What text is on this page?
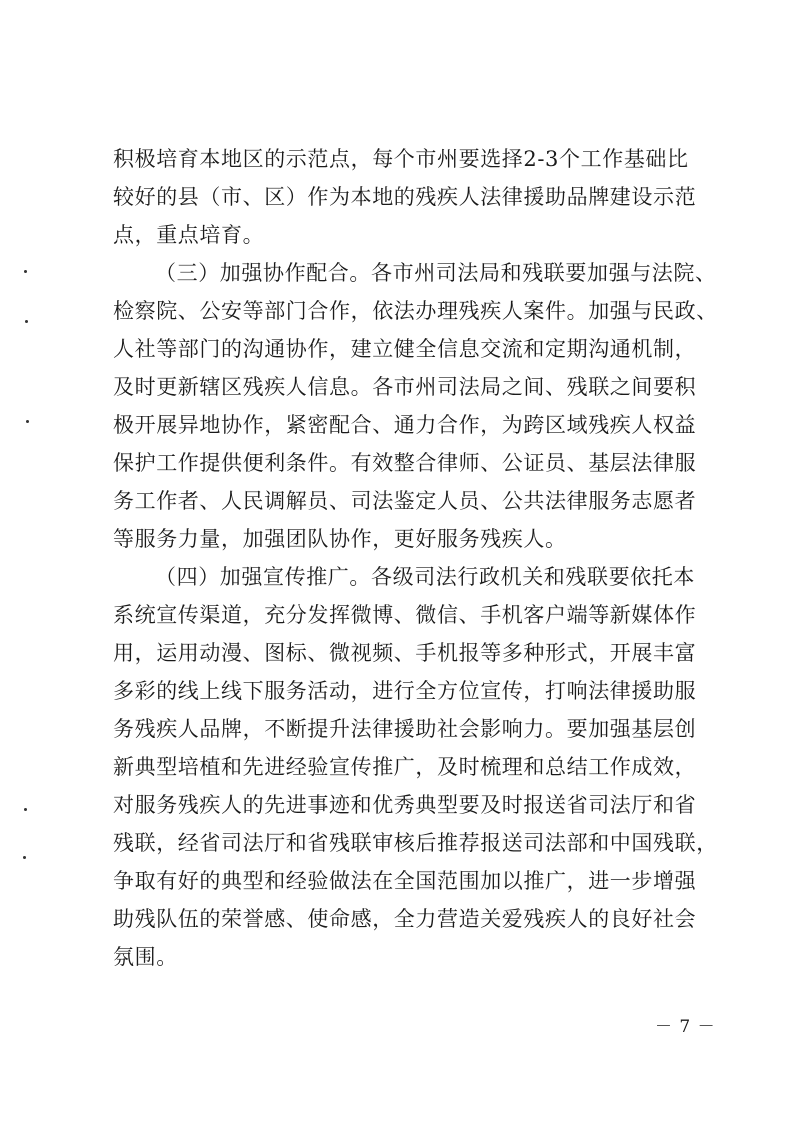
积极培育本地区的示范点，每个市州要选择2-3个工作基础比
较好的县（市、区）作为本地的残疾人法律援助品牌建设示范
点，重点培育。
（三）加强协作配合。各市州司法局和残联要加强与法院、
检察院、公安等部门合作，依法办理残疾人案件。加强与民政、
人社等部门的沟通协作，建立健全信息交流和定期沟通机制，
及时更新辖区残疾人信息。各市州司法局之间、残联之间要积
极开展异地协作，紧密配合、通力合作，为跨区域残疾人权益
保护工作提供便利条件。有效整合律师、公证员、基层法律服
务工作者、人民调解员、司法鉴定人员、公共法律服务志愿者
等服务力量，加强团队协作，更好服务残疾人。
（四）加强宣传推广。各级司法行政机关和残联要依托本
系统宣传渠道，充分发挥微博、微信、手机客户端等新媒体作
用，运用动漫、图标、微视频、手机报等多种形式，开展丰富
多彩的线上线下服务活动，进行全方位宣传，打响法律援助服
务残疾人品牌，不断提升法律援助社会影响力。要加强基层创
新典型培植和先进经验宣传推广，及时梳理和总结工作成效，
对服务残疾人的先进事迹和优秀典型要及时报送省司法厅和省
残联，经省司法厅和省残联审核后推荐报送司法部和中国残联，
争取有好的典型和经验做法在全国范围加以推广，进一步增强
助残队伍的荣誉感、使命感，全力营造关爱残疾人的良好社会
氛围。
－ 7 －
